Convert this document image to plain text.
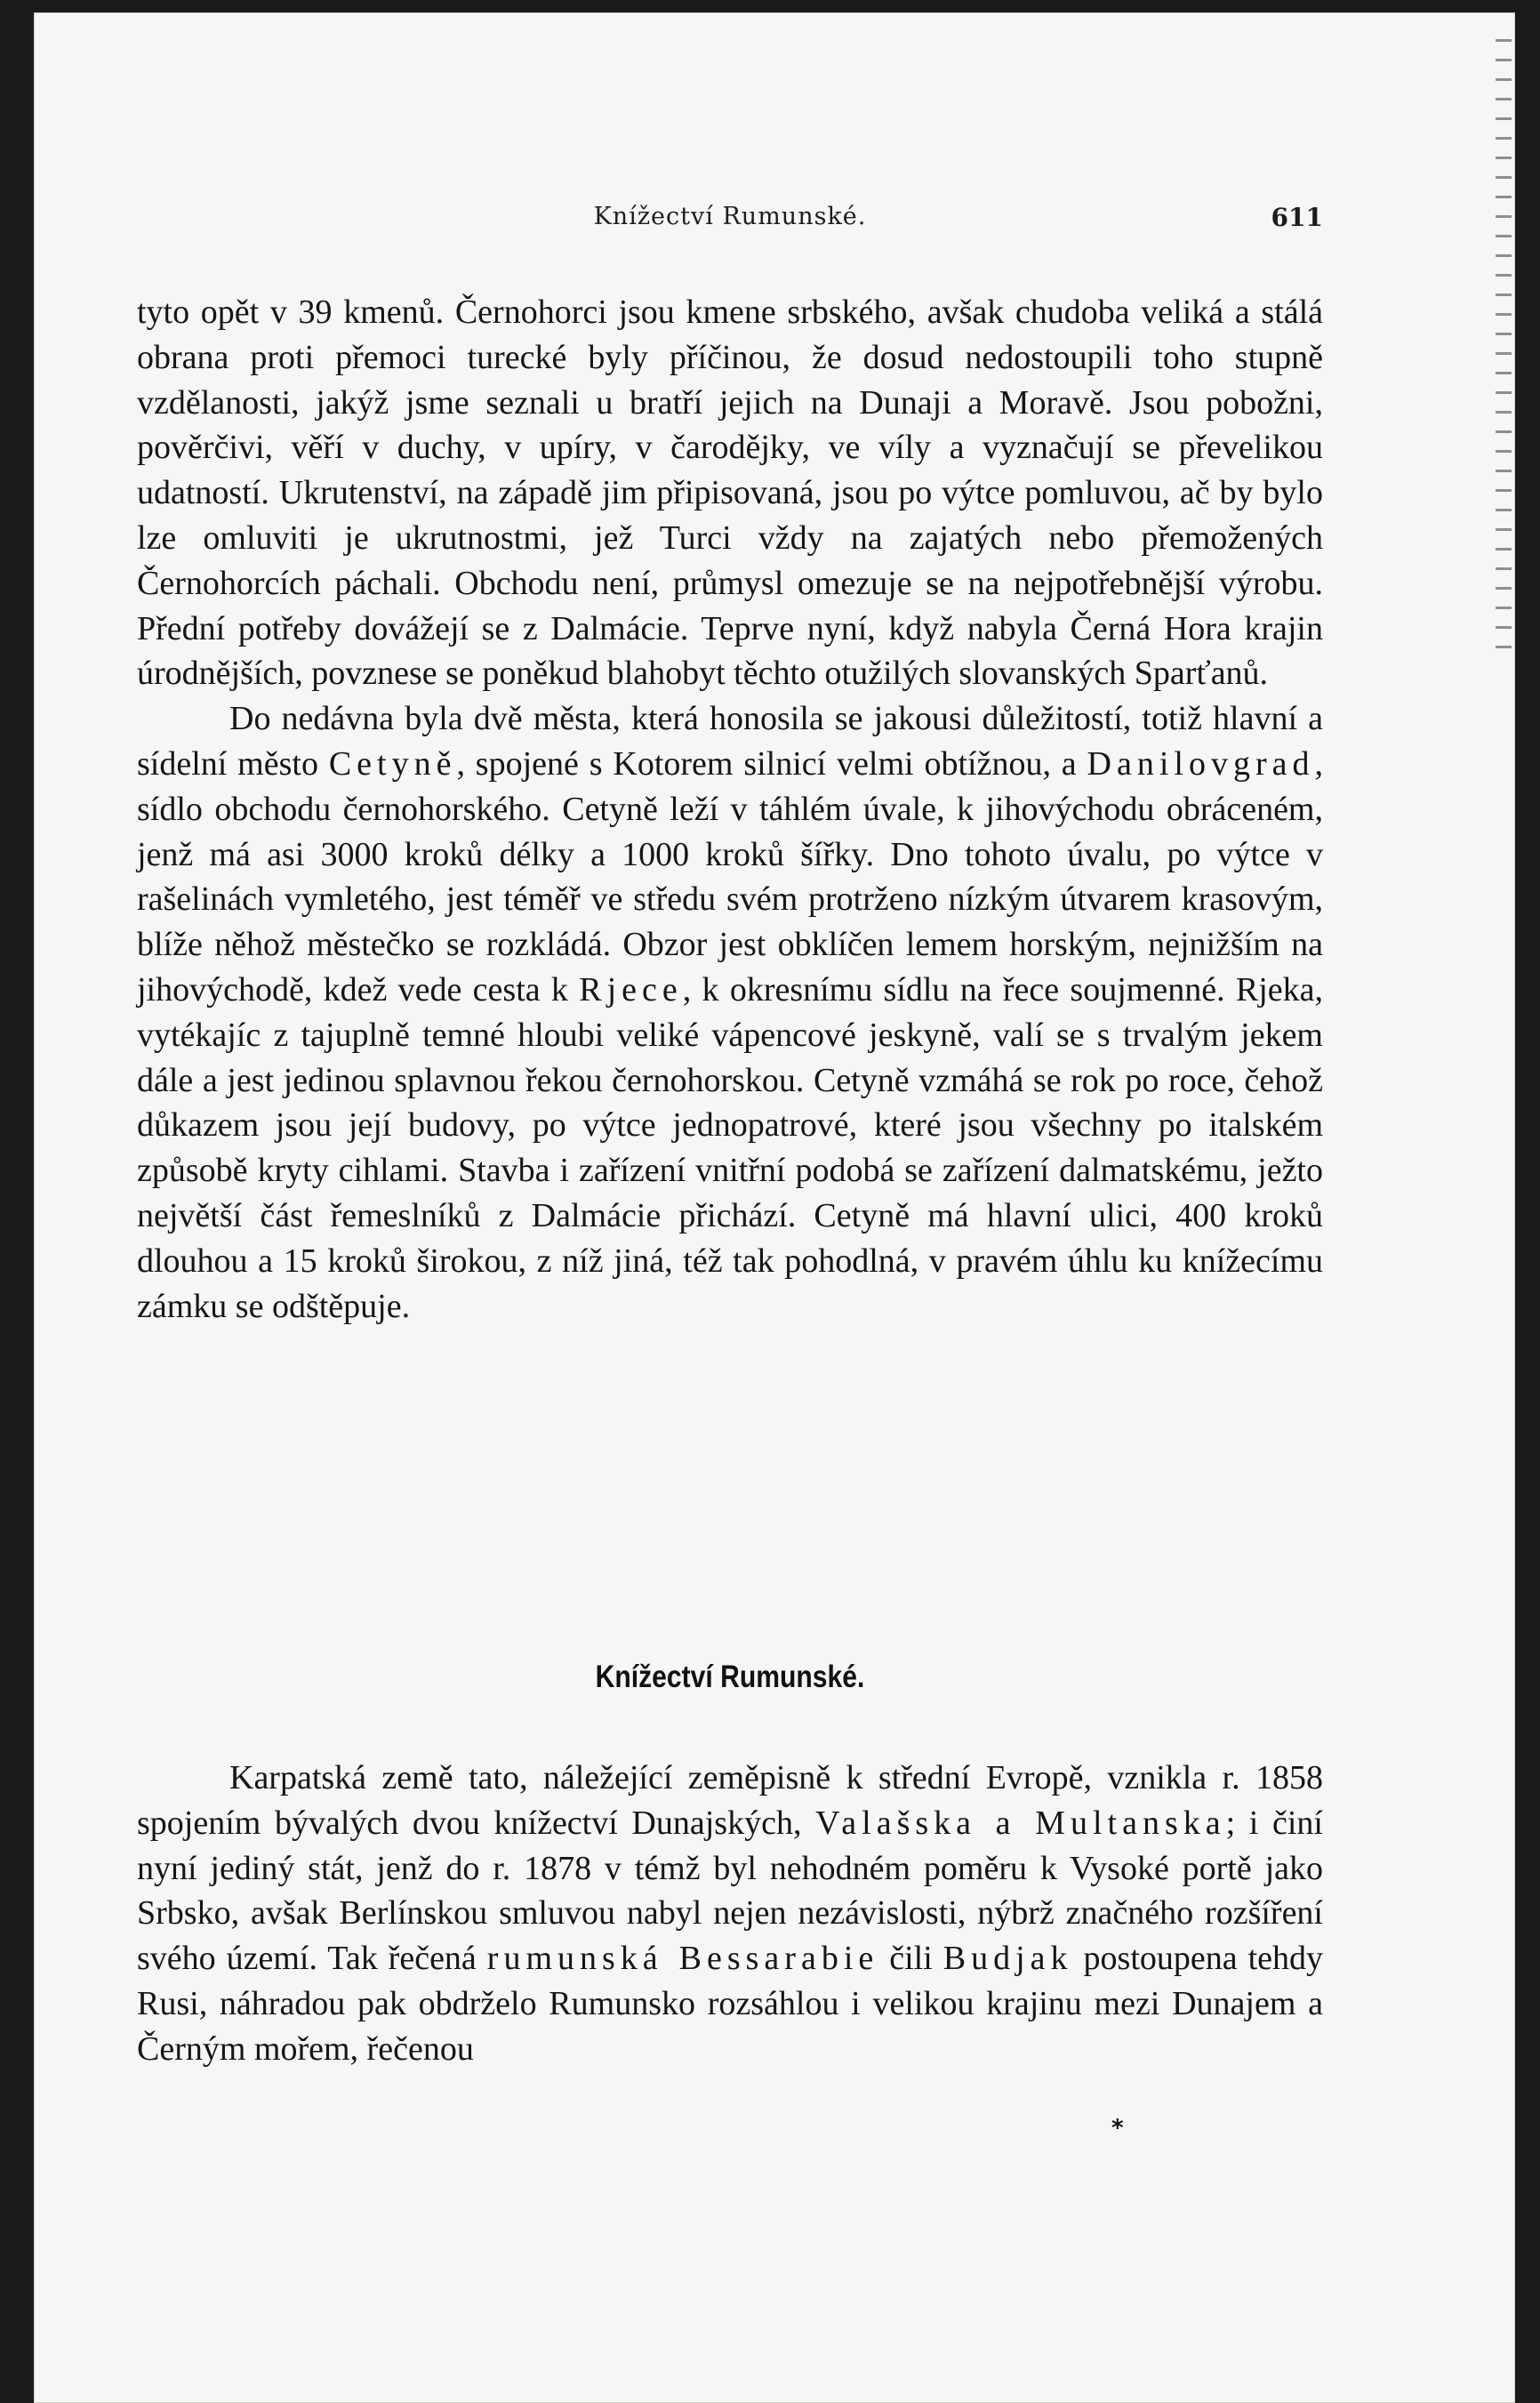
Knížectví Rumunské.	611

tyto opět v 39 kmenů. Černohorci jsou kmene srbského, avšak chudoba veliká a stálá obrana proti přemoci turecké byly příčinou, že dosud nedostoupili toho stupně vzdělanosti, jakýž jsme seznali u bratří jejich na Dunaji a Moravě. Jsou pobožni, pověrčivi, věří v duchy, v upíry, v čarodějky, ve víly a vyznačují se převelikou udatností. Ukrutenství, na západě jim připisovaná, jsou po výtce pomluvou, ač by bylo lze omluviti je ukrutnostmi, jež Turci vždy na zajatých nebo přemožených Černohorcích páchali. Obchodu není, průmysl omezuje se na nejpotřebnější výrobu. Přední potřeby dovážejí se z Dalmácie. Teprve nyní, když nabyla Černá Hora krajin úrodnějších, povznese se poněkud blahobyt těchto otužilých slovanských Sparťanů.

Do nedávna byla dvě města, která honosila se jakousi důležitostí, totiž hlavní a sídelní město Cetyně, spojené s Kotorem silnicí velmi obtížnou, a Danilovgrad, sídlo obchodu černohorského. Cetyně leží v táhlém úvale, k jihovýchodu obráceném, jenž má asi 3000 kroků délky a 1000 kroků šířky. Dno tohoto úvalu, po výtce v rašelinách vymletého, jest téměř ve středu svém protrženo nízkým útvarem krasovým, blíže něhož městečko se rozkládá. Obzor jest obklíčen lemem horským, nejnižším na jihovýchodě, kdež vede cesta k Rjece, k okresnímu sídlu na řece soujmenné. Rjeka, vytékajíc z tajuplně temné hloubi veliké vápencové jeskyně, valí se s trvalým jekem dále a jest jedinou splavnou řekou černohorskou. Cetyně vzmáhá se rok po roce, čehož důkazem jsou její budovy, po výtce jednopatrové, které jsou všechny po italském způsobě kryty cihlami. Stavba i zařízení vnitřní podobá se zařízení dalmatskému, ježto největší část řemeslníků z Dalmácie přichází. Cetyně má hlavní ulici, 400 kroků dlouhou a 15 kroků širokou, z níž jiná, též tak pohodlná, v pravém úhlu ku knížecímu zámku se odštěpuje.

Knížectví Rumunské.

Karpatská země tato, náležející zeměpisně k střední Evropě, vznikla r. 1858 spojením bývalých dvou knížectví Dunajských, Valašska a Multanska; i činí nyní jediný stát, jenž do r. 1878 v témž byl nehodném poměru k Vysoké portě jako Srbsko, avšak Berlínskou smluvou nabyl nejen nezávislosti, nýbrž značného rozšíření svého území. Tak řečená rumunská Bessarabie čili Budjak postoupena tehdy Rusi, náhradou pak obdrželo Rumunsko rozsáhlou i velikou krajinu mezi Dunajem a Černým mořem, řečenou

*
